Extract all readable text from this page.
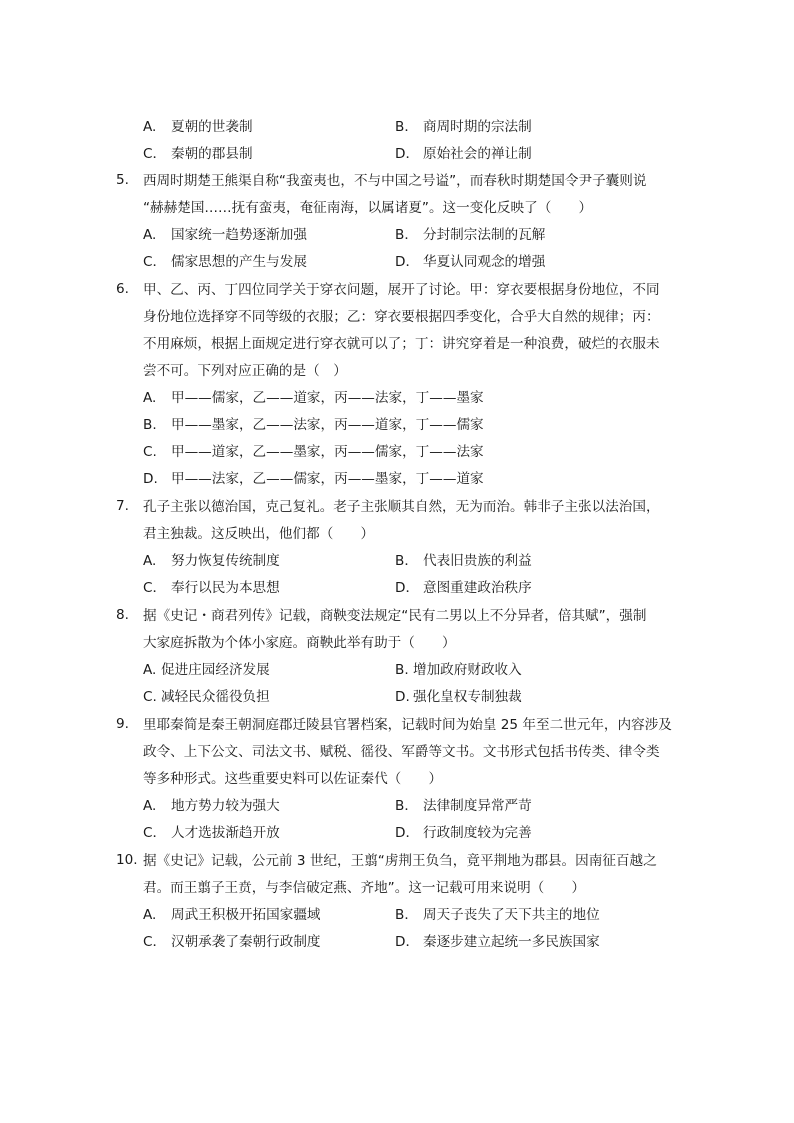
A. 夏朝的世袭制	B． 商周时期的宗法制
C． 秦朝的郡县制	D． 原始社会的禅让制
5.	西周时期楚王熊渠自称“我蛮夷也，不与中国之号谥”，而春秋时期楚国令尹子囊则说
“赫赫楚国……抚有蛮夷，奄征南海，以属诸夏”。这一变化反映了（　　）
A. 国家统一趋势逐渐加强	B． 分封制宗法制的瓦解
C． 儒家思想的产生与发展	D． 华夏认同观念的增强
6.	甲、乙、丙、丁四位同学关于穿衣问题，展开了讨论。甲：穿衣要根据身份地位，不同
身份地位选择穿不同等级的衣服；乙：穿衣要根据四季变化，合乎大自然的规律；丙：
不用麻烦，根据上面规定进行穿衣就可以了；丁：讲究穿着是一种浪费，破烂的衣服未
尝不可。下列对应正确的是（　）
A. 甲——儒家，乙——道家，丙——法家，丁——墨家
B. 甲——墨家，乙——法家，丙——道家，丁——儒家
C. 甲——道家，乙——墨家，丙——儒家，丁——法家
D. 甲——法家，乙——儒家，丙——墨家，丁——道家
7.	孔子主张以德治国，克己复礼。老子主张顺其自然，无为而治。韩非子主张以法治国，
君主独裁。这反映出，他们都（　　）
A. 努力恢复传统制度	B． 代表旧贵族的利益
C． 奉行以民为本思想	D． 意图重建政治秩序
8.	据《史记・商君列传》记载，商鞅变法规定“民有二男以上不分异者，倍其赋”，强制
大家庭拆散为个体小家庭。商鞅此举有助于（　　）
A. 促进庄园经济发展	B. 增加政府财政收入
C. 减轻民众徭役负担	D. 强化皇权专制独裁
9.	里耶秦简是秦王朝洞庭郡迁陵县官署档案，记载时间为始皇 25 年至二世元年，内容涉及
政令、上下公文、司法文书、赋税、徭役、军爵等文书。文书形式包括书传类、律令类
等多种形式。这些重要史料可以佐证秦代（　　）
A. 地方势力较为强大	B． 法律制度异常严苛
C． 人才选拔渐趋开放	D． 行政制度较为完善
10. 据《史记》记载，公元前 3 世纪，王翦“虏荆王负刍，竟平荆地为郡县。因南征百越之
君。而王翦子王贲，与李信破定燕、齐地”。这一记载可用来说明（　　）
A. 周武王积极开拓国家疆域	B． 周天子丧失了天下共主的地位
C． 汉朝承袭了秦朝行政制度	D． 秦逐步建立起统一多民族国家
